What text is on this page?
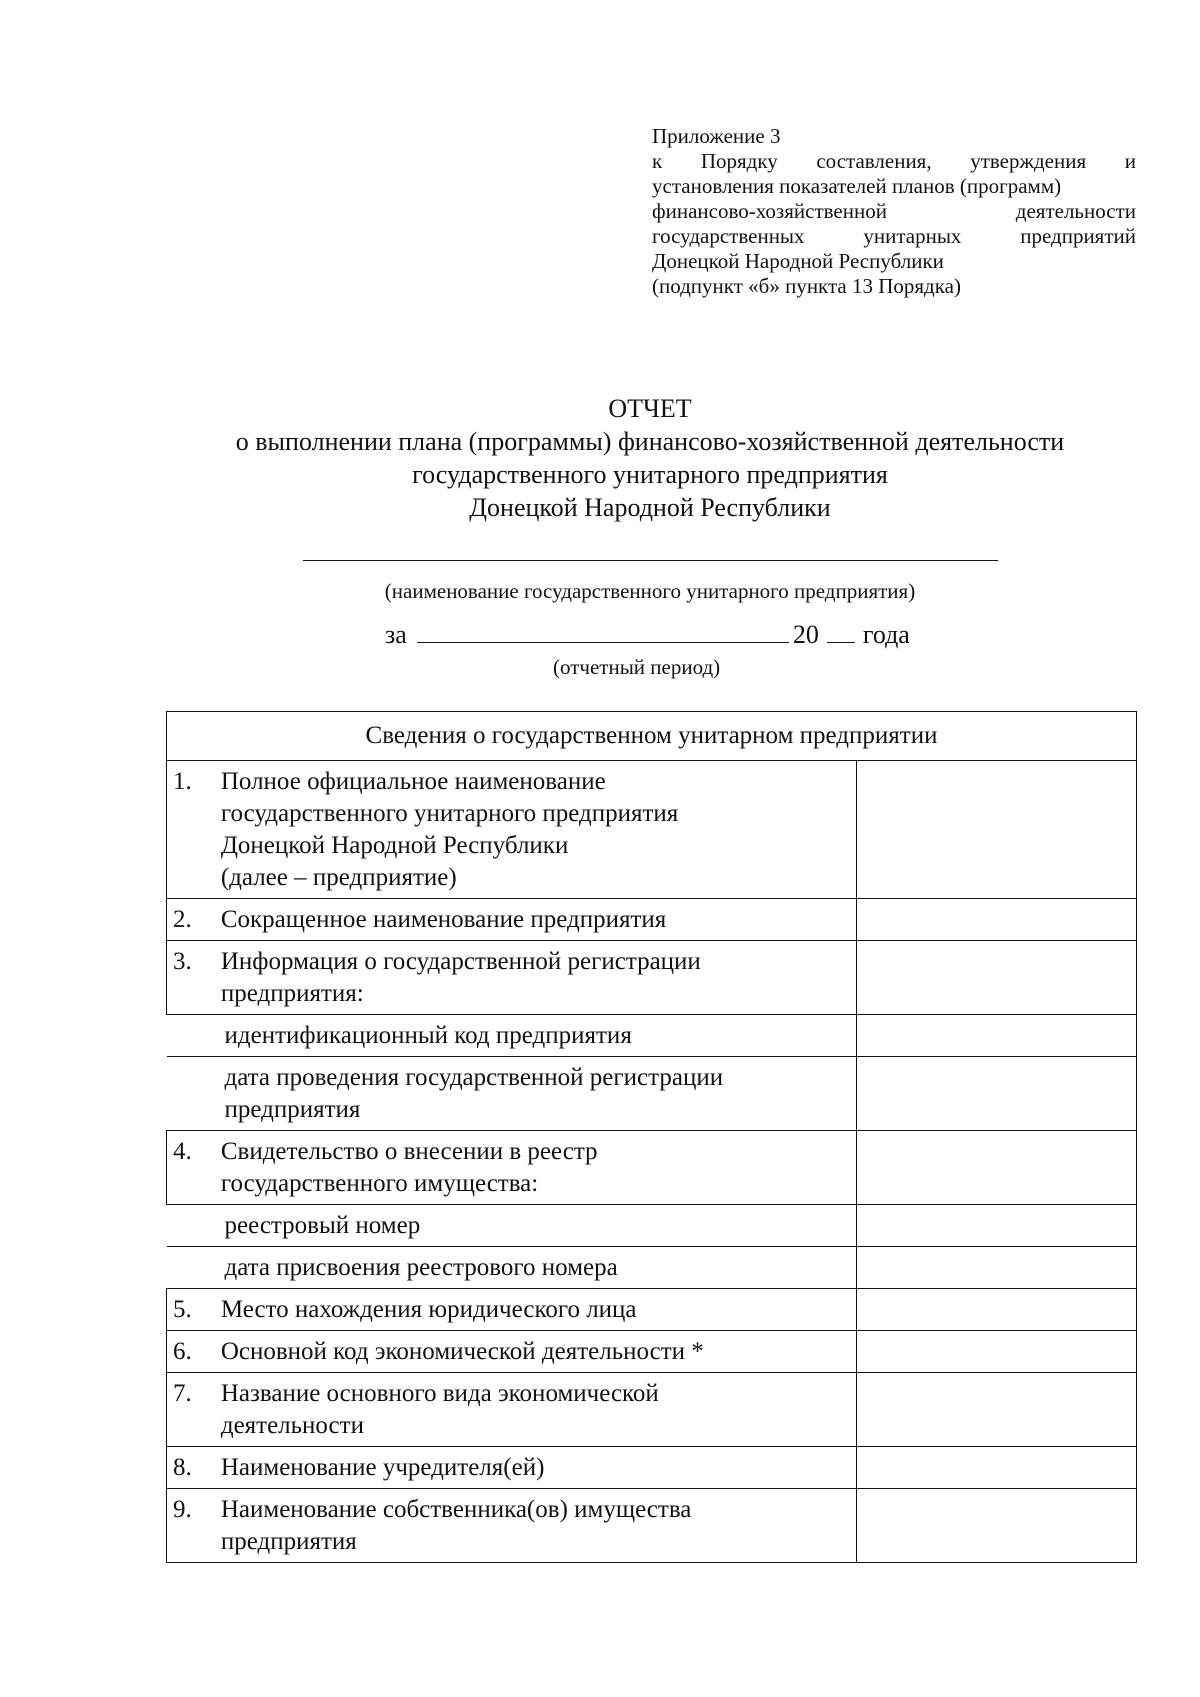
Приложение 3
к Порядку составления, утверждения и
установления показателей планов (программ)
финансово-хозяйственной деятельности
государственных унитарных предприятий
Донецкой Народной Республики
(подпункт «б» пункта 13 Порядка)
ОТЧЕТ
о выполнении плана (программы) финансово-хозяйственной деятельности
государственного унитарного предприятия
Донецкой Народной Республики
(наименование государственного унитарного предприятия)
за	20 года
(отчетный период)
Сведения о государственном унитарном предприятии		
1.	Полное официальное наименование
государственного унитарного предприятия
Донецкой Народной Республики
(далее – предприятие)	

2.	Сокращенное наименование предприятия	

3.	Информация о государственной регистрации
предприятия:	

идентификационный код предприятия		

дата проведения государственной регистрации
предприятия		

4.	Свидетельство о внесении в реестр
государственного имущества:	

реестровый номер		

дата присвоения реестрового номера		

5.	Место нахождения юридического лица	

6.	Основной код экономической деятельности *	

7.	Название основного вида экономической
деятельности	

8.	Наименование учредителя(ей)	

9.	Наименование собственника(ов) имущества
предприятия	
